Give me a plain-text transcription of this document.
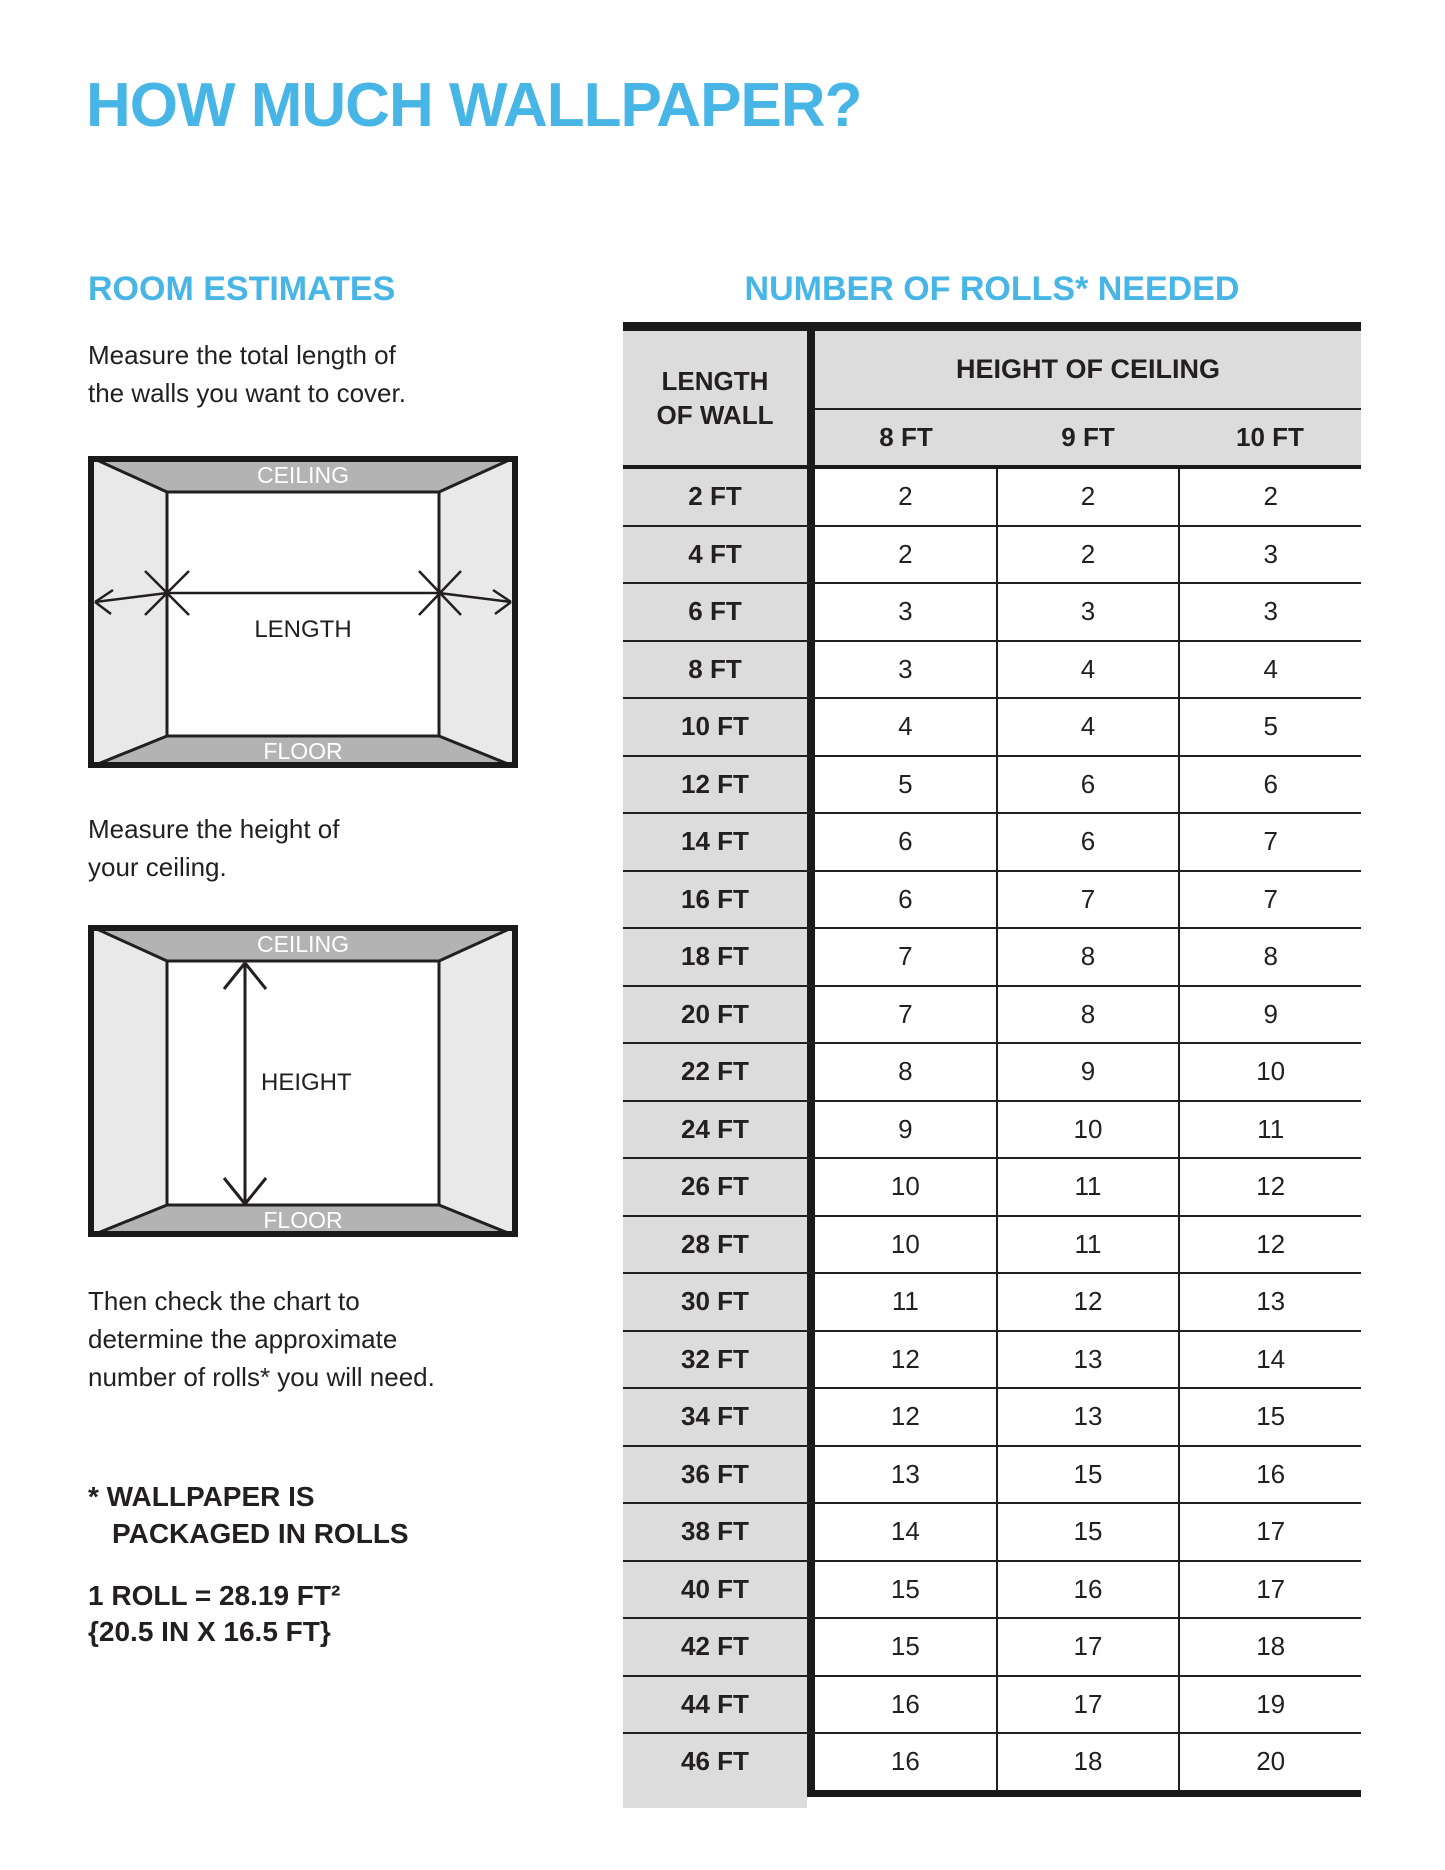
HOW MUCH WALLPAPER?
ROOM ESTIMATES	NUMBER OF ROLLS* NEEDED
Measure the total length of
the walls you want to cover.
CEILING
FLOOR
LENGTH
Measure the height of
your ceiling.
CEILING
FLOOR
HEIGHT
Then check the chart to
determine the approximate
number of rolls* you will need.
* WALLPAPER IS
PACKAGED IN ROLLS
1 ROLL = 28.19 FT²
{20.5 IN X 16.5 FT}
LENGTH
OF WALL
HEIGHT OF CEILING
8 FT	9 FT	10 FT
2 FT	2	2	2
4 FT	2	2	3
6 FT	3	3	3
8 FT	3	4	4
10 FT	4	4	5
12 FT	5	6	6
14 FT	6	6	7
16 FT	6	7	7
18 FT	7	8	8
20 FT	7	8	9
22 FT	8	9	10
24 FT	9	10	11
26 FT	10	11	12
28 FT	10	11	12
30 FT	11	12	13
32 FT	12	13	14
34 FT	12	13	15
36 FT	13	15	16
38 FT	14	15	17
40 FT	15	16	17
42 FT	15	17	18
44 FT	16	17	19
46 FT	16	18	20
